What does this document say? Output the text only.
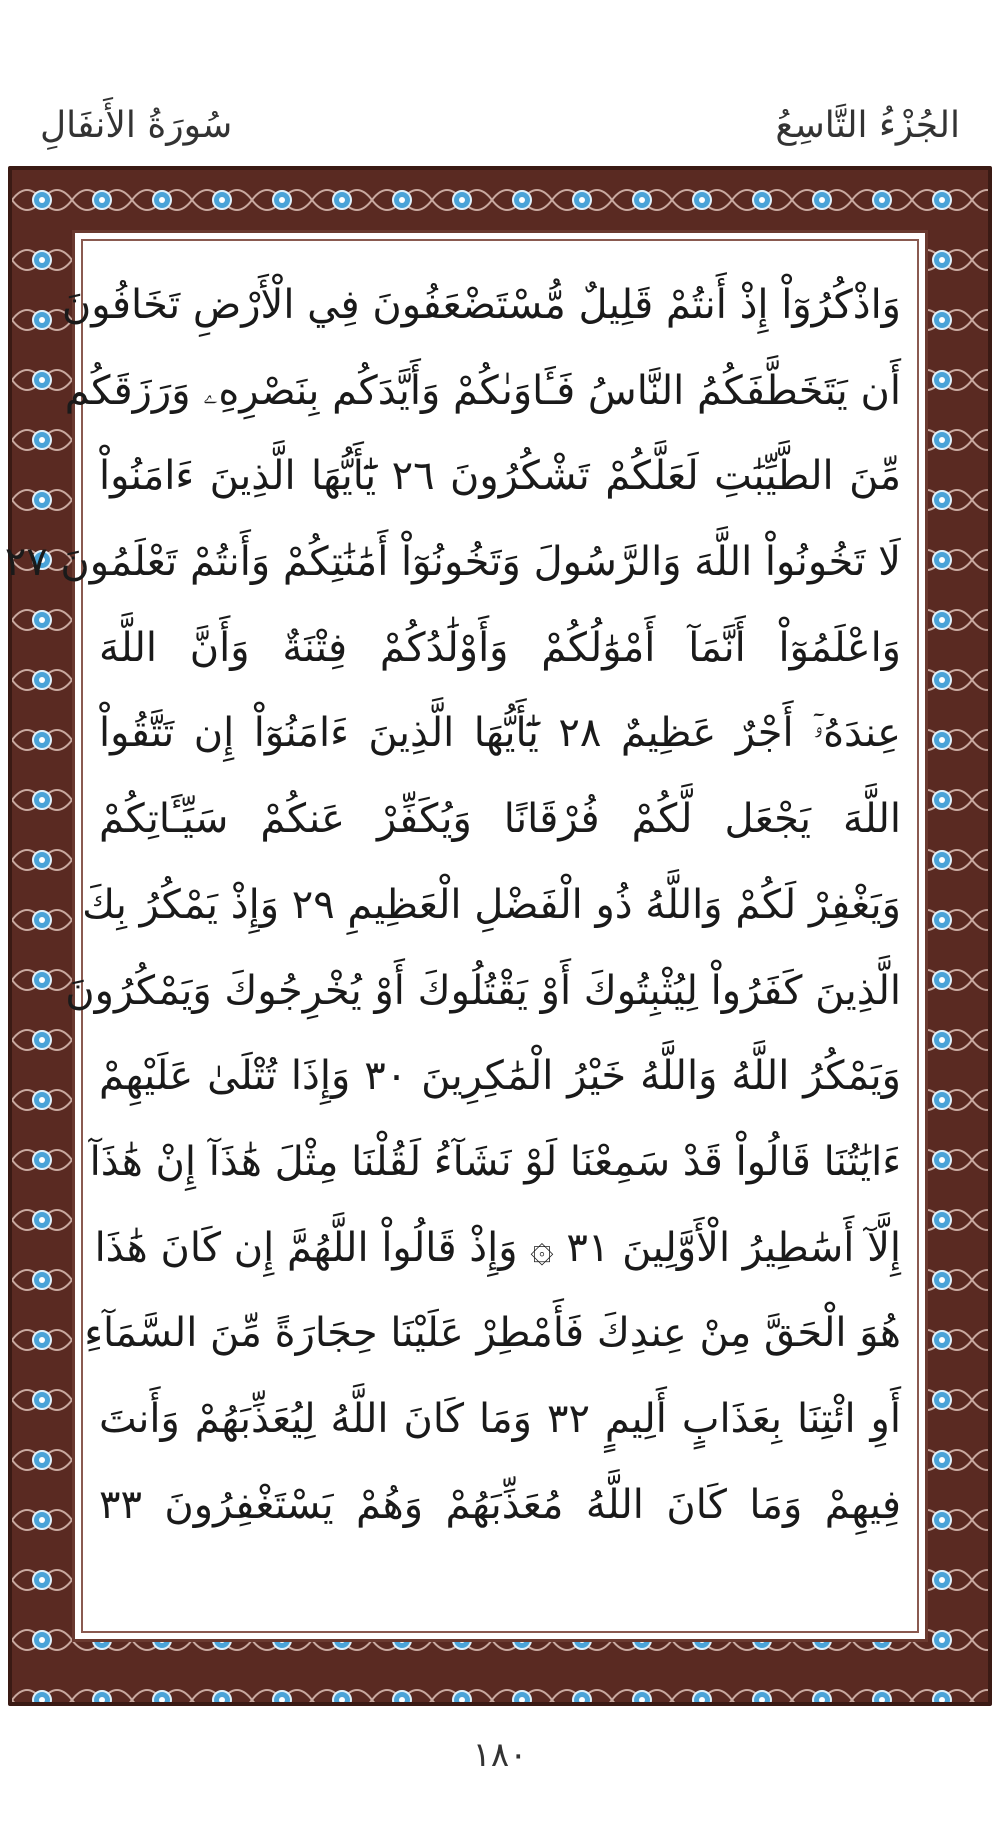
الجُزْءُ التَّاسِعُ
سُورَةُ الأَنفَالِ
وَاذْكُرُوٓاْ إِذْ أَنتُمْ قَلِيلٌ مُّسْتَضْعَفُونَ فِي الْأَرْضِ تَخَافُونَ
أَن يَتَخَطَّفَكُمُ النَّاسُ فَـَٔاوَىٰكُمْ وَأَيَّدَكُم بِنَصْرِهِۦ وَرَزَقَكُم
مِّنَ الطَّيِّبَٰتِ لَعَلَّكُمْ تَشْكُرُونَ ٢٦ يَٰٓأَيُّهَا الَّذِينَ ءَامَنُواْ
لَا تَخُونُواْ اللَّهَ وَالرَّسُولَ وَتَخُونُوٓاْ أَمَٰنَٰتِكُمْ وَأَنتُمْ تَعْلَمُونَ ٢٧
وَاعْلَمُوٓاْ أَنَّمَآ أَمْوَٰلُكُمْ وَأَوْلَٰدُكُمْ فِتْنَةٌ وَأَنَّ اللَّهَ
عِندَهُۥٓ أَجْرٌ عَظِيمٌ ٢٨ يَٰٓأَيُّهَا الَّذِينَ ءَامَنُوٓاْ إِن تَتَّقُواْ
اللَّهَ يَجْعَل لَّكُمْ فُرْقَانًا وَيُكَفِّرْ عَنكُمْ سَيِّـَٔاتِكُمْ
وَيَغْفِرْ لَكُمْ وَاللَّهُ ذُو الْفَضْلِ الْعَظِيمِ ٢٩ وَإِذْ يَمْكُرُ بِكَ
الَّذِينَ كَفَرُواْ لِيُثْبِتُوكَ أَوْ يَقْتُلُوكَ أَوْ يُخْرِجُوكَ وَيَمْكُرُونَ
وَيَمْكُرُ اللَّهُ وَاللَّهُ خَيْرُ الْمَٰكِرِينَ ٣٠ وَإِذَا تُتْلَىٰ عَلَيْهِمْ
ءَايَٰتُنَا قَالُواْ قَدْ سَمِعْنَا لَوْ نَشَآءُ لَقُلْنَا مِثْلَ هَٰذَآ إِنْ هَٰذَآ
إِلَّآ أَسَٰطِيرُ الْأَوَّلِينَ ٣١ ۞ وَإِذْ قَالُواْ اللَّهُمَّ إِن كَانَ هَٰذَا
هُوَ الْحَقَّ مِنْ عِندِكَ فَأَمْطِرْ عَلَيْنَا حِجَارَةً مِّنَ السَّمَآءِ
أَوِ ائْتِنَا بِعَذَابٍ أَلِيمٍ ٣٢ وَمَا كَانَ اللَّهُ لِيُعَذِّبَهُمْ وَأَنتَ
فِيهِمْ وَمَا كَانَ اللَّهُ مُعَذِّبَهُمْ وَهُمْ يَسْتَغْفِرُونَ ٣٣
١٨٠
